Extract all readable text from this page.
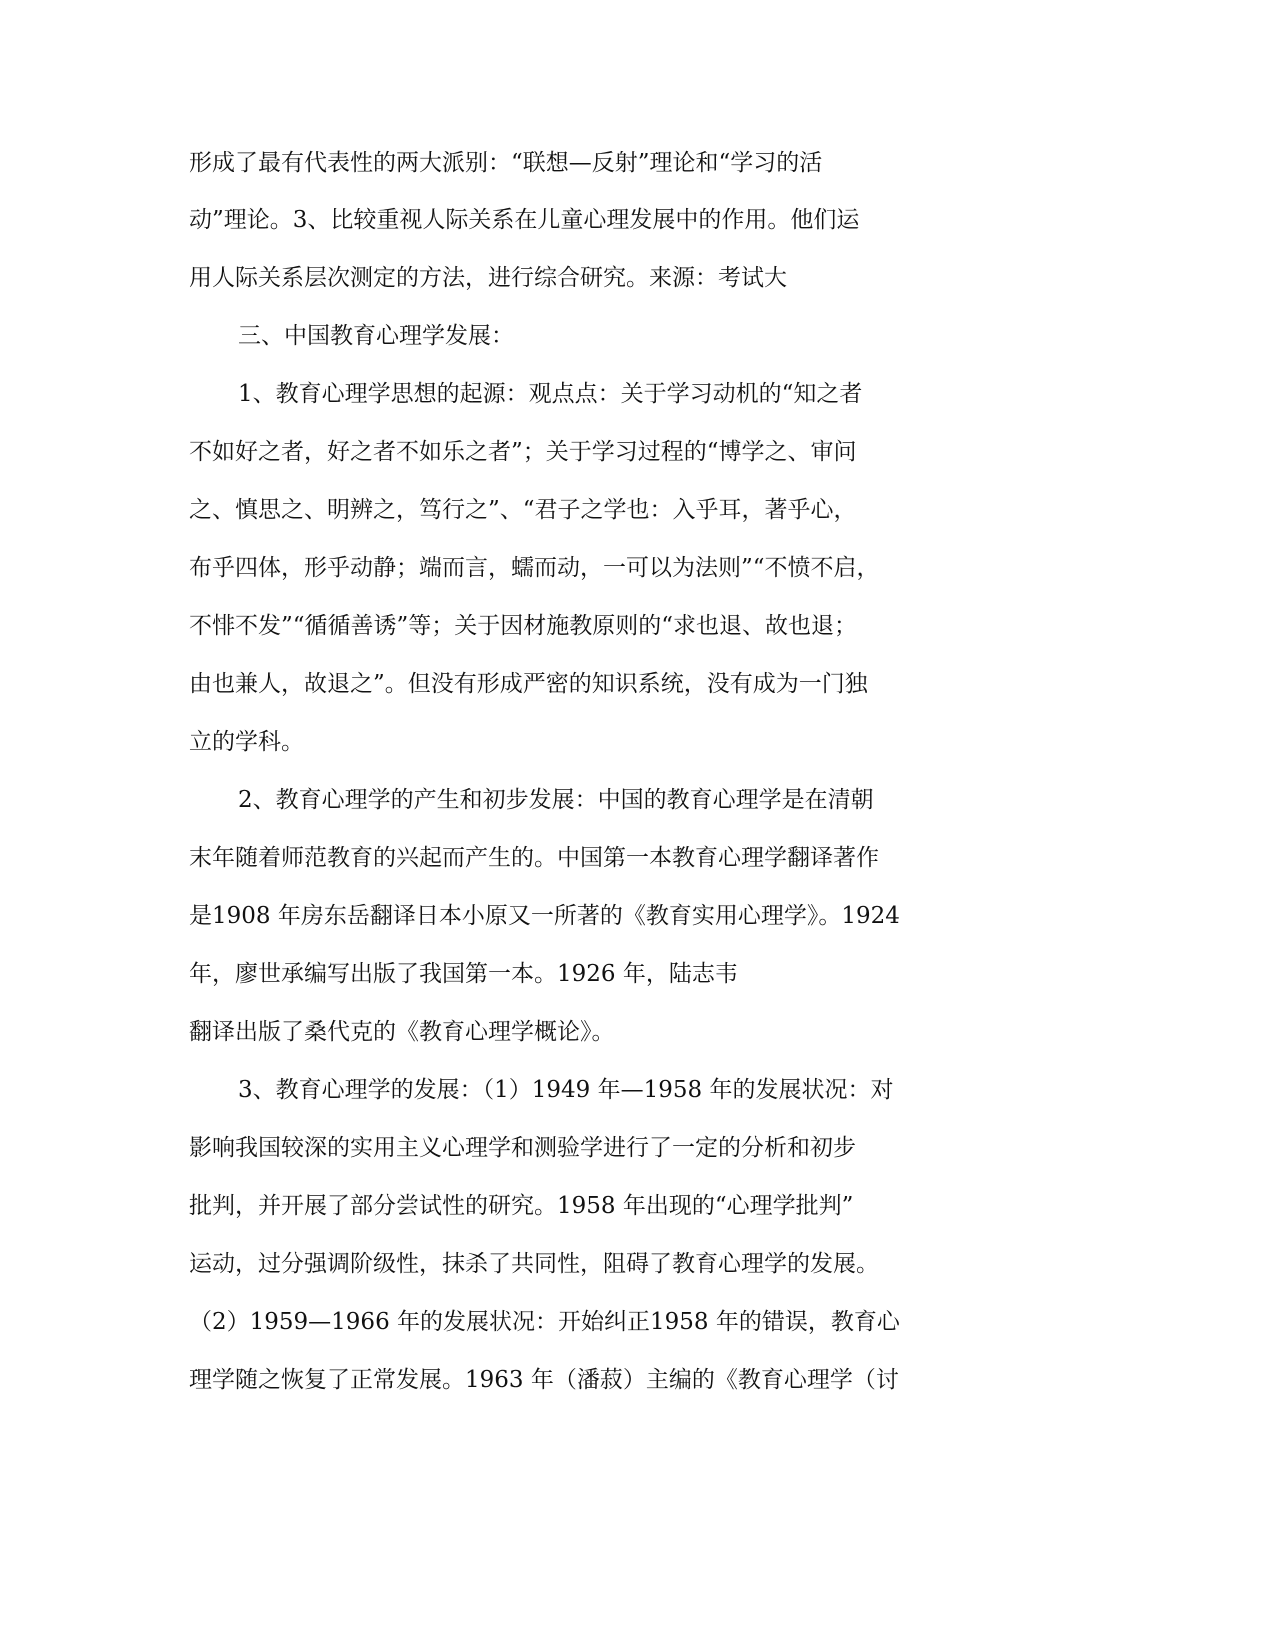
形成了最有代表性的两大派别：“联想—反射”理论和“学习的活
动”理论。3、比较重视人际关系在儿童心理发展中的作用。他们运
用人际关系层次测定的方法，进行综合研究。来源：考试大
三、中国教育心理学发展：
1、教育心理学思想的起源：观点点：关于学习动机的“知之者
不如好之者，好之者不如乐之者”；关于学习过程的“博学之、审问
之、慎思之、明辨之，笃行之”、“君子之学也：入乎耳，著乎心，
布乎四体，形乎动静；端而言，蠕而动，一可以为法则”“不愤不启，
不悱不发”“循循善诱”等；关于因材施教原则的“求也退、故也退；
由也兼人，故退之”。但没有形成严密的知识系统，没有成为一门独
立的学科。
2、教育心理学的产生和初步发展：中国的教育心理学是在清朝
末年随着师范教育的兴起而产生的。中国第一本教育心理学翻译著作
是1908 年房东岳翻译日本小原又一所著的《教育实用心理学》。1924
年，廖世承编写出版了我国第一本。1926 年，陆志韦
翻译出版了桑代克的《教育心理学概论》。
3、教育心理学的发展：（1）1949 年—1958 年的发展状况：对
影响我国较深的实用主义心理学和测验学进行了一定的分析和初步
批判，并开展了部分尝试性的研究。1958 年出现的“心理学批判”
运动，过分强调阶级性，抹杀了共同性，阻碍了教育心理学的发展。
（2）1959—1966 年的发展状况：开始纠正1958 年的错误，教育心
理学随之恢复了正常发展。1963 年（潘菽）主编的《教育心理学（讨
